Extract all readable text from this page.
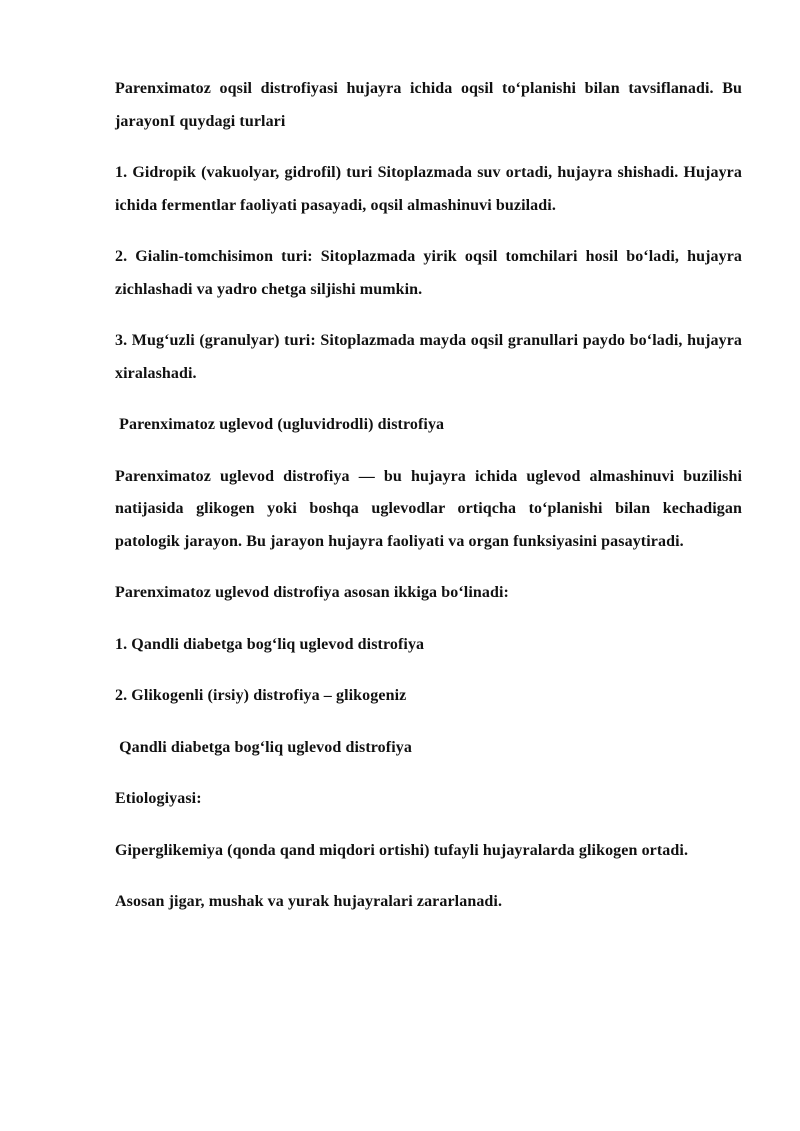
Parenximatoz oqsil distrofiyasi hujayra ichida oqsil to‘planishi bilan tavsiflanadi. Bu jarayonI quydagi turlari

1. Gidropik (vakuolyar, gidrofil) turi Sitoplazmada suv ortadi, hujayra shishadi. Hujayra ichida fermentlar faoliyati pasayadi, oqsil almashinuvi buziladi.

2. Gialin-tomchisimon turi: Sitoplazmada yirik oqsil tomchilari hosil bo‘ladi, hujayra zichlashadi va yadro chetga siljishi mumkin.

3. Mug‘uzli (granulyar) turi: Sitoplazmada mayda oqsil granullari paydo bo‘ladi, hujayra xiralashadi.

Parenximatoz uglevod (ugluvidrodli) distrofiya

Parenximatoz uglevod distrofiya — bu hujayra ichida uglevod almashinuvi buzilishi natijasida glikogen yoki boshqa uglevodlar ortiqcha to‘planishi bilan kechadigan patologik jarayon. Bu jarayon hujayra faoliyati va organ funksiyasini pasaytiradi.

Parenximatoz uglevod distrofiya asosan ikkiga bo‘linadi:

1. Qandli diabetga bog‘liq uglevod distrofiya

2. Glikogenli (irsiy) distrofiya – glikogeniz

Qandli diabetga bog‘liq uglevod distrofiya

Etiologiyasi:

Giperglikemiya (qonda qand miqdori ortishi) tufayli hujayralarda glikogen ortadi.

Asosan jigar, mushak va yurak hujayralari zararlanadi.
